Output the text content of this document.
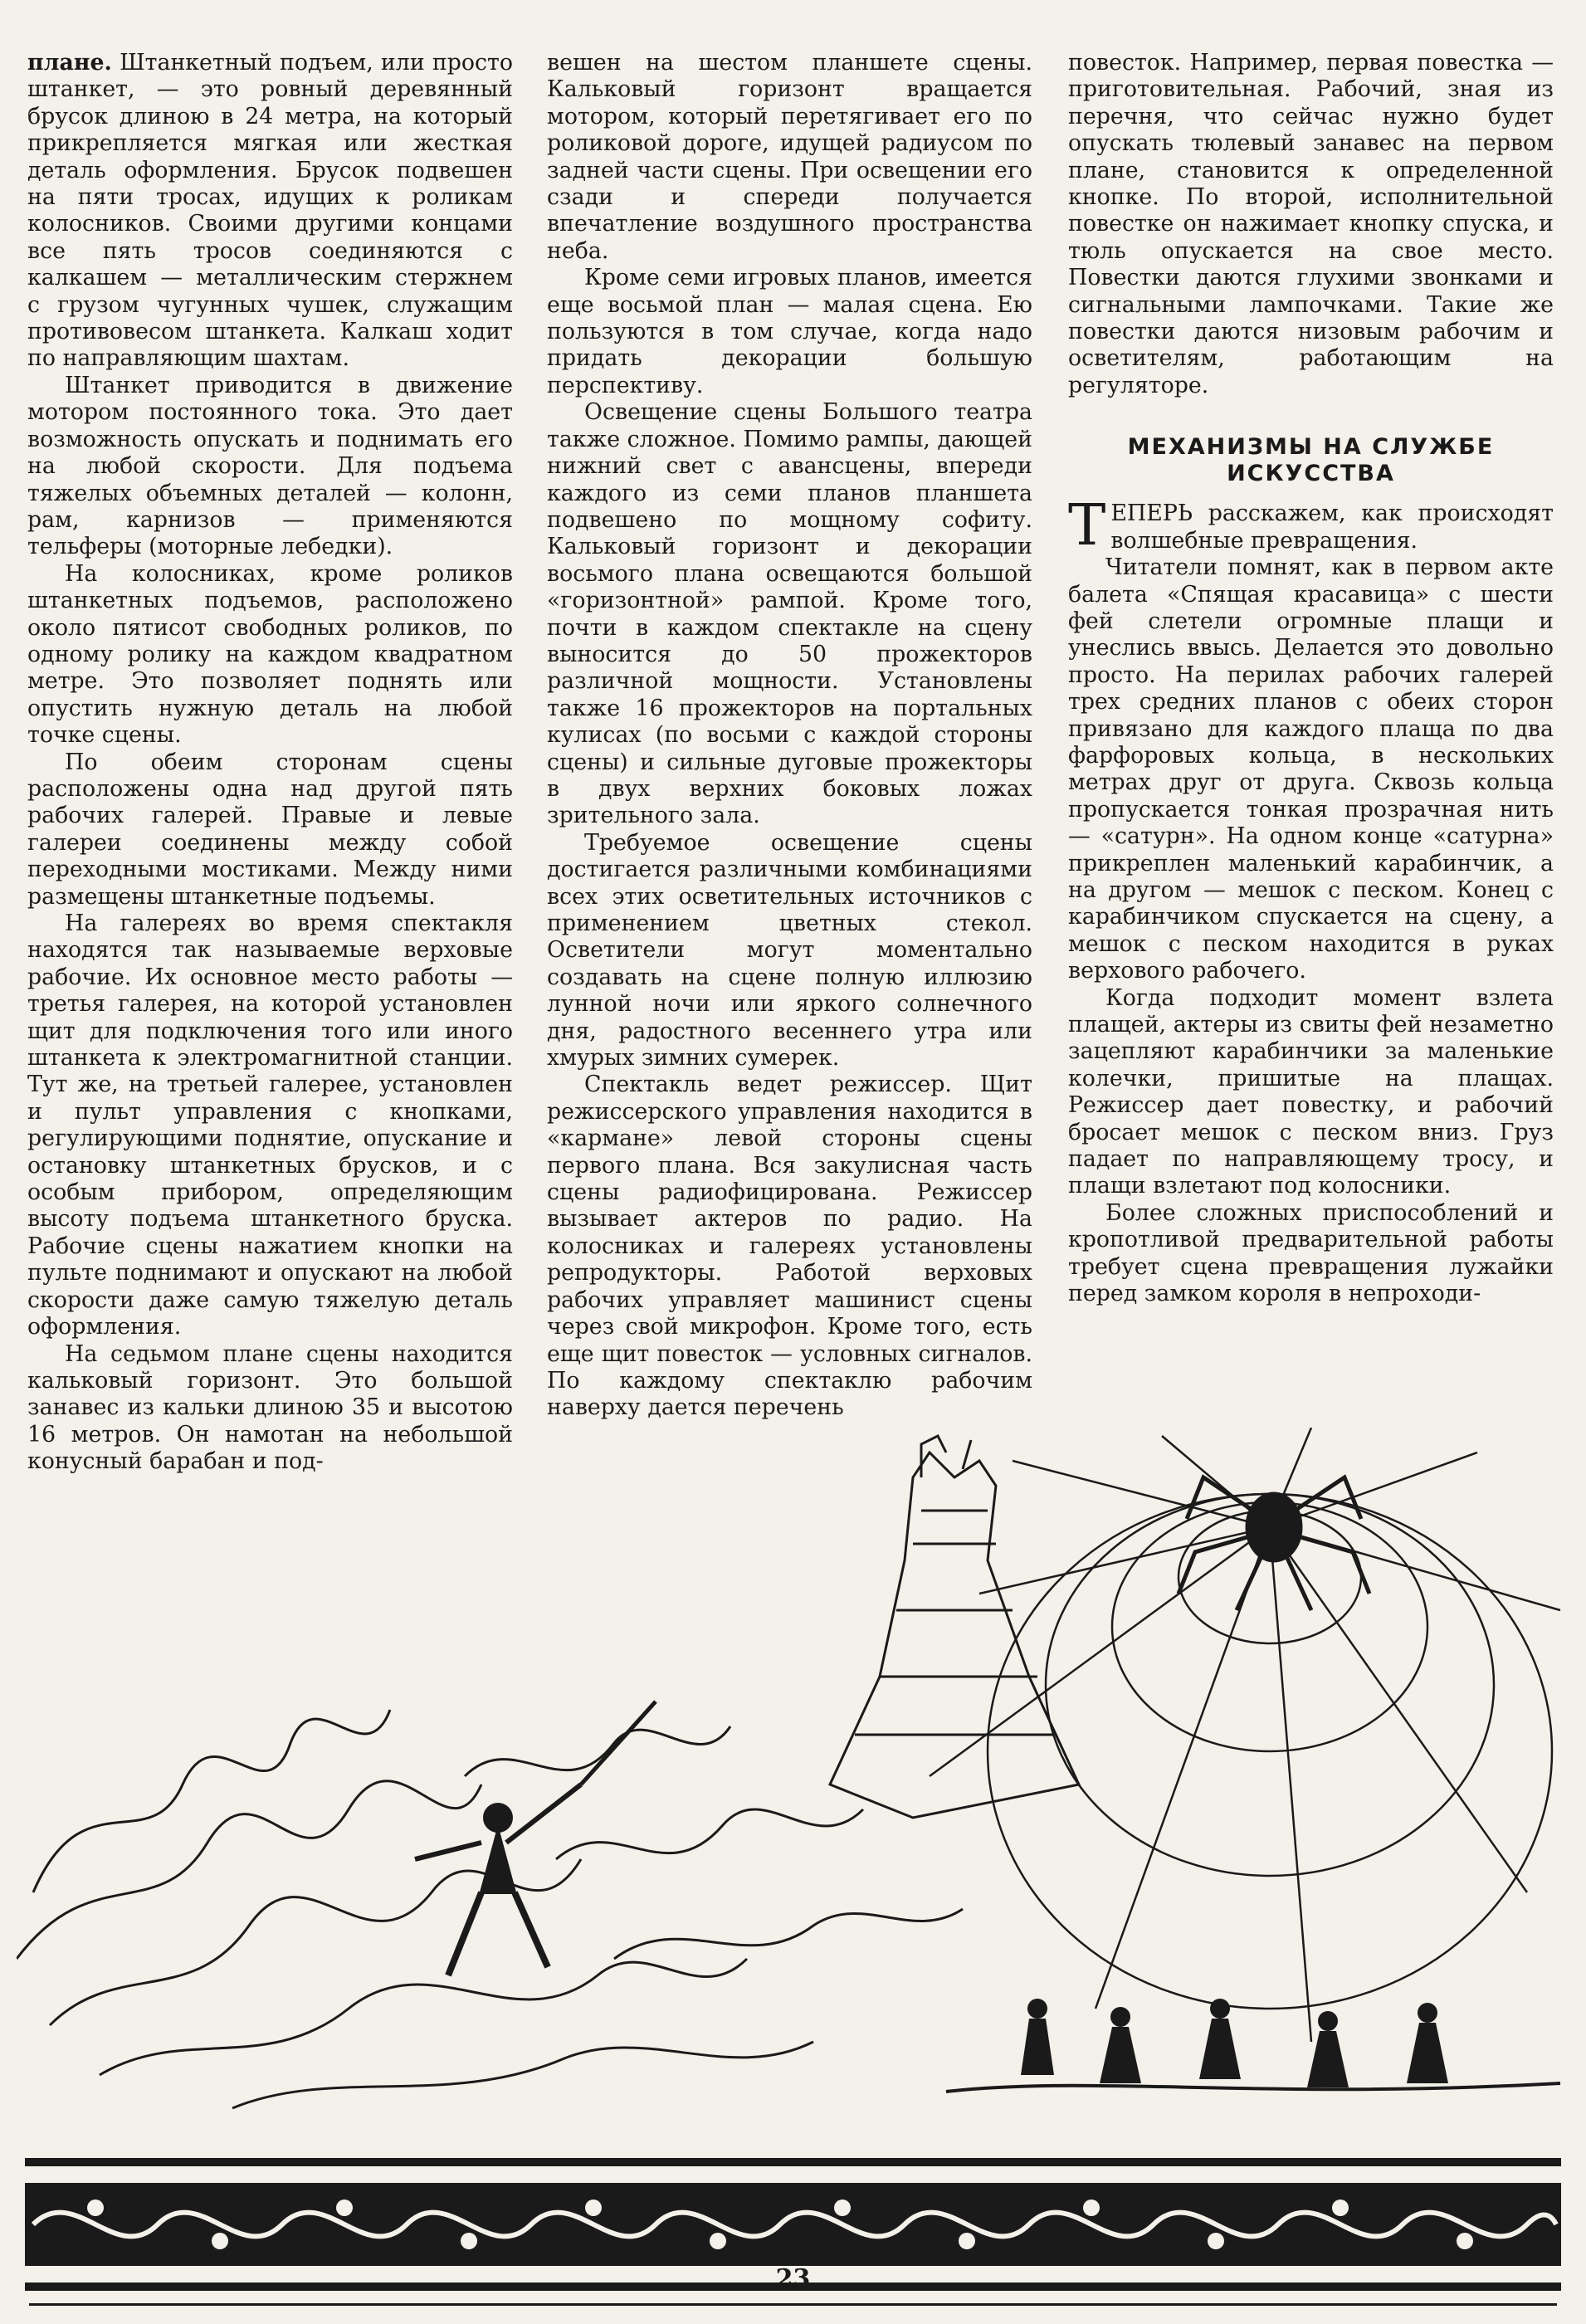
плане. Штанкетный подъем, или просто штанкет, — это ровный деревянный брусок длиною в 24 метра, на который прикрепляется мягкая или жесткая деталь оформления. Брусок подвешен на пяти тросах, идущих к роликам колосников. Своими другими концами все пять тросов соединяются с калкашем — металлическим стержнем с грузом чугунных чушек, служащим противовесом штанкета. Калкаш ходит по направляющим шахтам.

Штанкет приводится в движение мотором постоянного тока. Это дает возможность опускать и поднимать его на любой скорости. Для подъема тяжелых объемных деталей — колонн, рам, карнизов — применяются тельферы (моторные лебедки).

На колосниках, кроме роликов штанкетных подъемов, расположено около пятисот свободных роликов, по одному ролику на каждом квадратном метре. Это позволяет поднять или опустить нужную деталь на любой точке сцены.

По обеим сторонам сцены расположены одна над другой пять рабочих галерей. Правые и левые галереи соединены между собой переходными мостиками. Между ними размещены штанкетные подъемы.

На галереях во время спектакля находятся так называемые верховые рабочие. Их основное место работы — третья галерея, на которой установлен щит для подключения того или иного штанкета к электромагнитной станции. Тут же, на третьей галерее, установлен и пульт управления с кнопками, регулирующими поднятие, опускание и остановку штанкетных брусков, и с особым прибором, определяющим высоту подъема штанкетного бруска. Рабочие сцены нажатием кнопки на пульте поднимают и опускают на любой скорости даже самую тяжелую деталь оформления.

На седьмом плане сцены находится кальковый горизонт. Это большой занавес из кальки длиною 35 и высотою 16 метров. Он намотан на небольшой конусный барабан и под-

вешен на шестом планшете сцены. Кальковый горизонт вращается мотором, который перетягивает его по роликовой дороге, идущей радиусом по задней части сцены. При освещении его сзади и спереди получается впечатление воздушного пространства неба.

Кроме семи игровых планов, имеется еще восьмой план — малая сцена. Ею пользуются в том случае, когда надо придать декорации большую перспективу.

Освещение сцены Большого театра также сложное. Помимо рампы, дающей нижний свет с авансцены, впереди каждого из семи планов планшета подвешено по мощному софиту. Кальковый горизонт и декорации восьмого плана освещаются большой «горизонтной» рампой. Кроме того, почти в каждом спектакле на сцену выносится до 50 прожекторов различной мощности. Установлены также 16 прожекторов на портальных кулисах (по восьми с каждой стороны сцены) и сильные дуговые прожекторы в двух верхних боковых ложах зрительного зала.

Требуемое освещение сцены достигается различными комбинациями всех этих осветительных источников с применением цветных стекол. Осветители могут моментально создавать на сцене полную иллюзию лунной ночи или яркого солнечного дня, радостного весеннего утра или хмурых зимних сумерек.

Спектакль ведет режиссер. Щит режиссерского управления находится в «кармане» левой стороны сцены первого плана. Вся закулисная часть сцены радиофицирована. Режиссер вызывает актеров по радио. На колосниках и галереях установлены репродукторы. Работой верховых рабочих управляет машинист сцены через свой микрофон. Кроме того, есть еще щит повесток — условных сигналов. По каждому спектаклю рабочим наверху дается перечень

повесток. Например, первая повестка — приготовительная. Рабочий, зная из перечня, что сейчас нужно будет опускать тюлевый занавес на первом плане, становится к определенной кнопке. По второй, исполнительной повестке он нажимает кнопку спуска, и тюль опускается на свое место. Повестки даются глухими звонками и сигнальными лампочками. Такие же повестки даются низовым рабочим и осветителям, работающим на регуляторе.

МЕХАНИЗМЫ НА СЛУЖБЕ ИСКУССТВА

ТЕПЕРЬ расскажем, как происходят волшебные превращения.

Читатели помнят, как в первом акте балета «Спящая красавица» с шести фей слетели огромные плащи и унеслись ввысь. Делается это довольно просто. На перилах рабочих галерей трех средних планов с обеих сторон привязано для каждого плаща по два фарфоровых кольца, в нескольких метрах друг от друга. Сквозь кольца пропускается тонкая прозрачная нить — «сатурн». На одном конце «сатурна» прикреплен маленький карабинчик, а на другом — мешок с песком. Конец с карабинчиком спускается на сцену, а мешок с песком находится в руках верхового рабочего.

Когда подходит момент взлета плащей, актеры из свиты фей незаметно зацепляют карабинчики за маленькие колечки, пришитые на плащах. Режиссер дает повестку, и рабочий бросает мешок с песком вниз. Груз падает по направляющему тросу, и плащи взлетают под колосники.

Более сложных приспособлений и кропотливой предварительной работы требует сцена превращения лужайки перед замком короля в непроходи-

23
